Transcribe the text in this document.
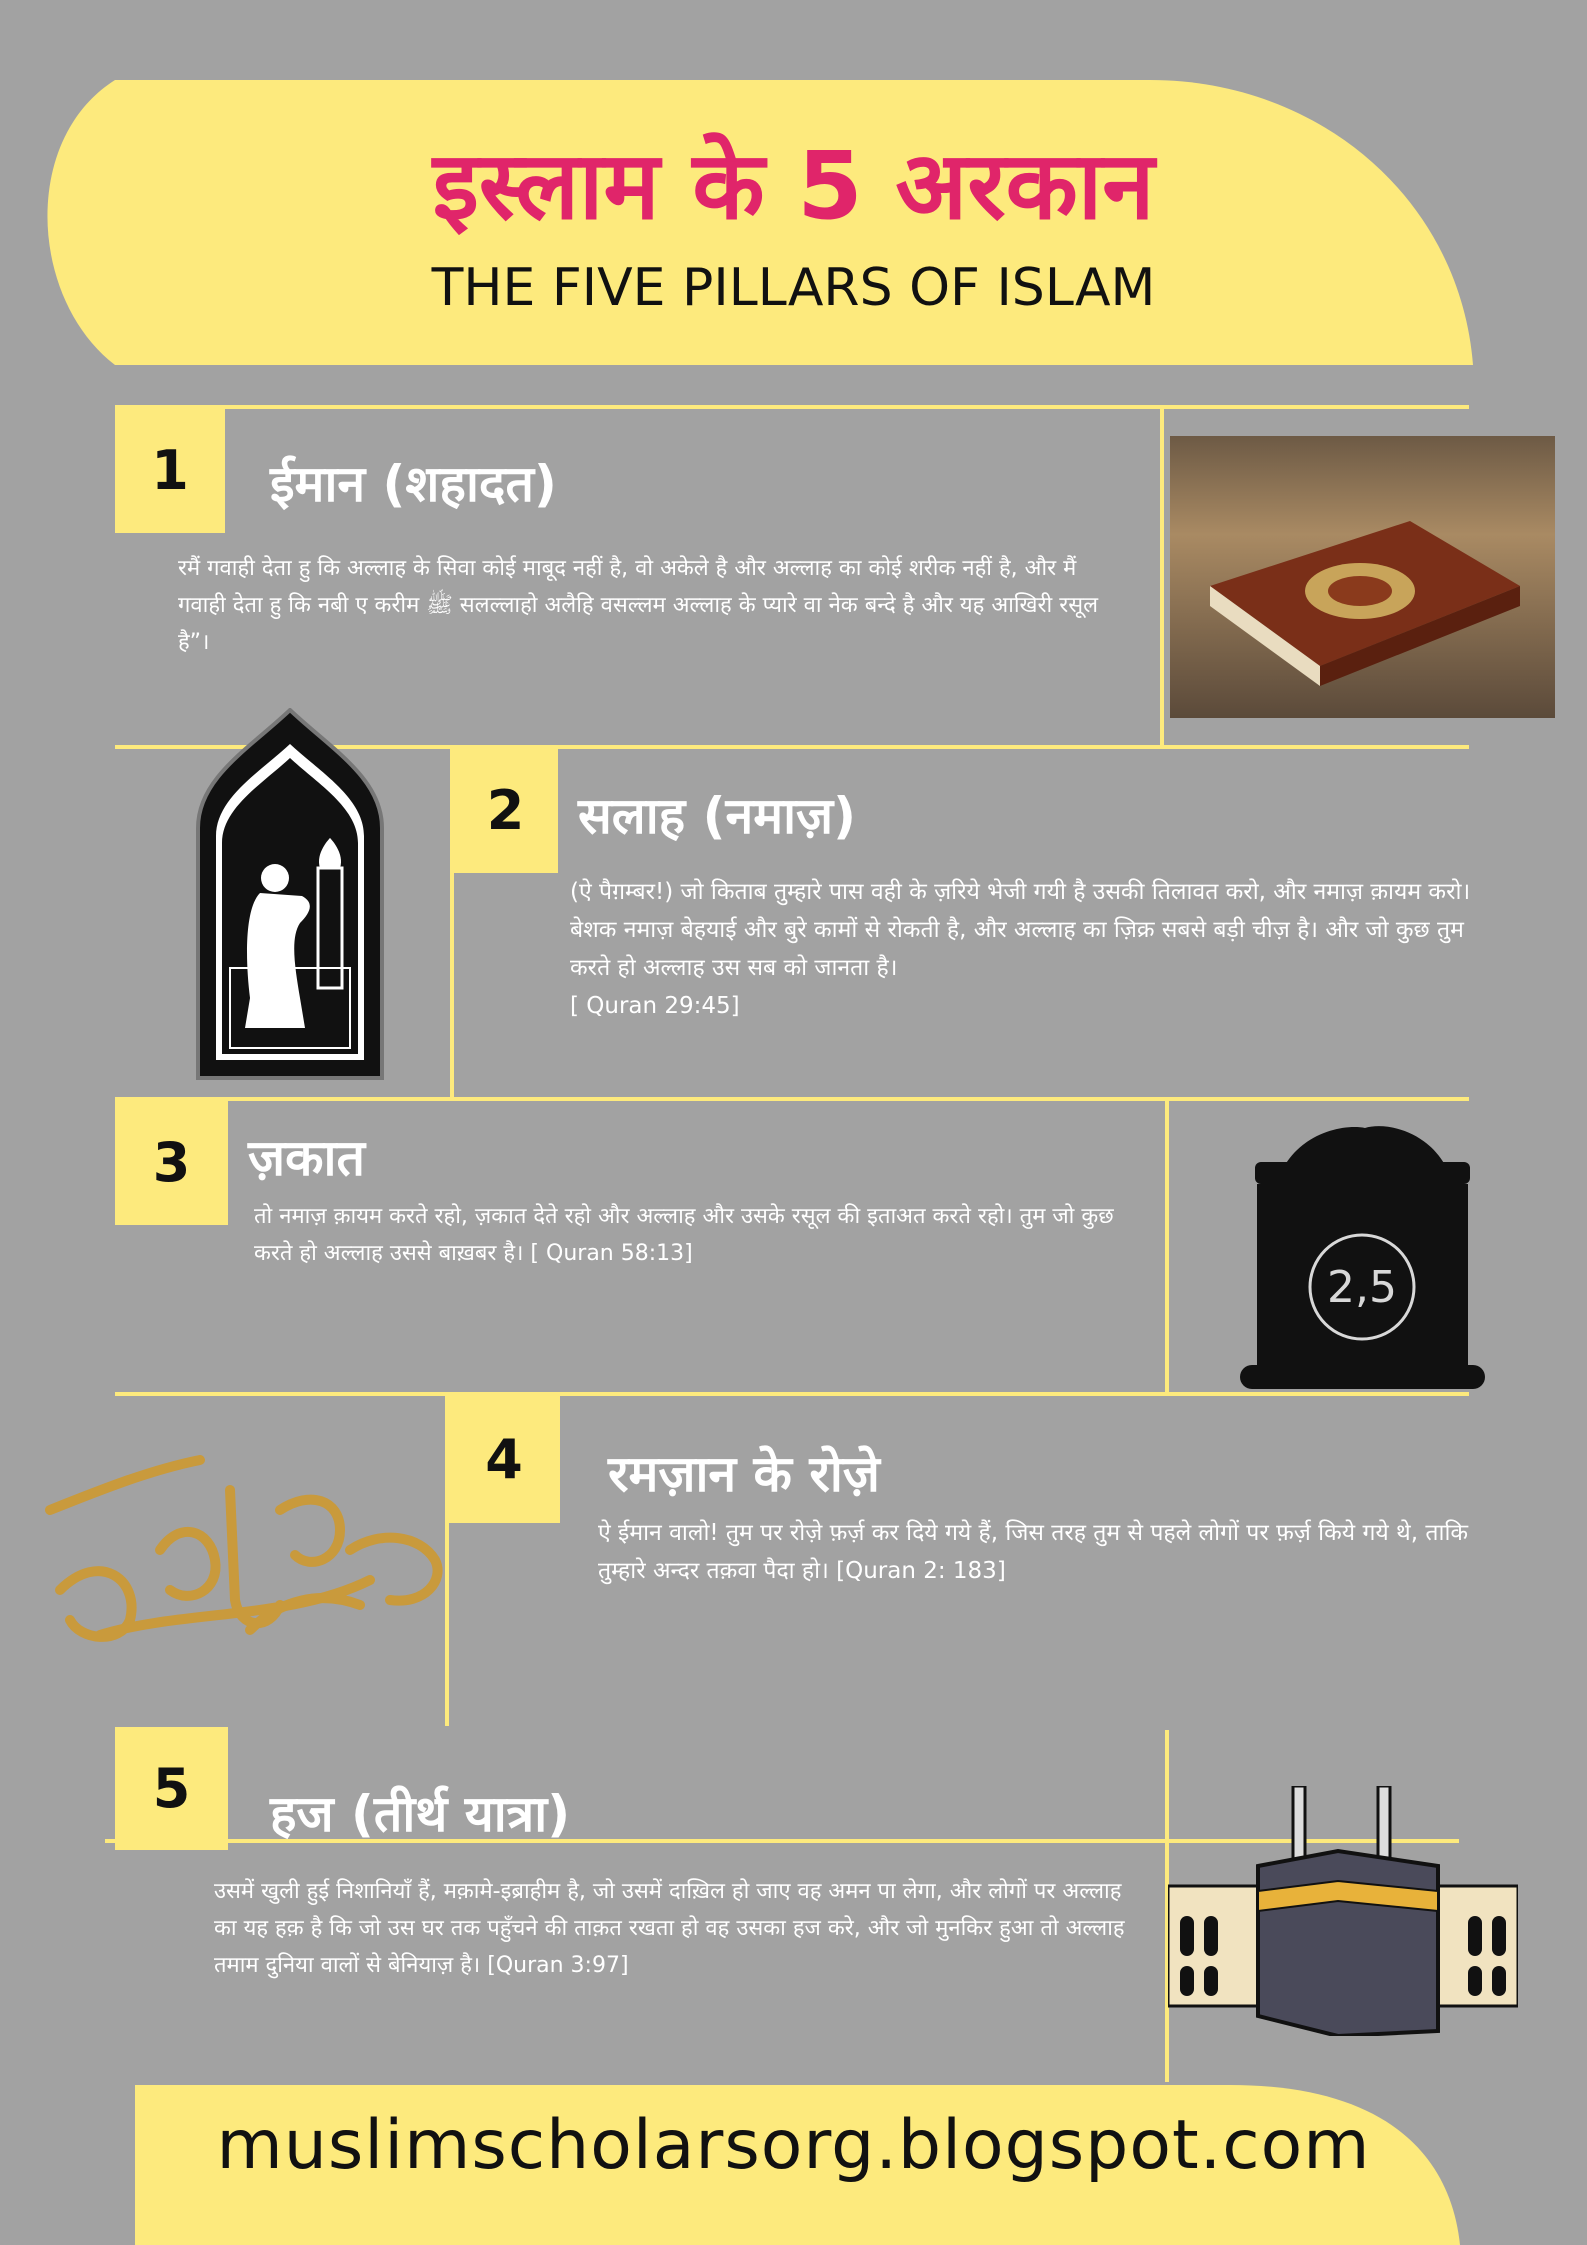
इस्लाम के 5 अरकान
THE FIVE PILLARS OF ISLAM
1	ईमान (शहादत)
रमैं गवाही देता हु कि अल्लाह के सिवा कोई माबूद नहीं है, वो अकेले है और अल्लाह का कोई शरीक नहीं है, और मैं गवाही देता हु कि नबी ए करीम ﷺ सलल्लाहो अलैहि वसल्लम अल्लाह के प्यारे वा नेक बन्दे है और यह आखिरी रसूल है”।
2	सलाह (नमाज़)
(ऐ पैग़म्बर!) जो किताब तुम्हारे पास वही के ज़रिये भेजी गयी है उसकी तिलावत करो, और नमाज़ क़ायम करो। बेशक नमाज़ बेहयाई और बुरे कामों से रोकती है, और अल्लाह का ज़िक्र सबसे बड़ी चीज़ है। और जो कुछ तुम करते हो अल्लाह उस सब को जानता है।
[ Quran 29:45]
3	ज़कात
तो नमाज़ क़ायम करते रहो, ज़कात देते रहो और अल्लाह और उसके रसूल की इताअत करते रहो। तुम जो कुछ करते हो अल्लाह उससे बाख़बर है। [ Quran 58:13]
2,5
4	रमज़ान के रोज़े
ऐ ईमान वालो! तुम पर रोज़े फ़र्ज़ कर दिये गये हैं, जिस तरह तुम से पहले लोगों पर फ़र्ज़ किये गये थे, ताकि तुम्हारे अन्दर तक़वा पैदा हो। [Quran 2: 183]
5	हज (तीर्थ यात्रा)
उसमें खुली हुई निशानियाँ हैं, मक़ामे-इब्राहीम है, जो उसमें दाख़िल हो जाए वह अमन पा लेगा, और लोगों पर अल्लाह का यह हक़ है कि जो उस घर तक पहुँचने की ताक़त रखता हो वह उसका हज करे, और जो मुनकिर हुआ तो अल्लाह तमाम दुनिया वालों से बेनियाज़ है। [Quran 3:97]
muslimscholarsorg.blogspot.com
